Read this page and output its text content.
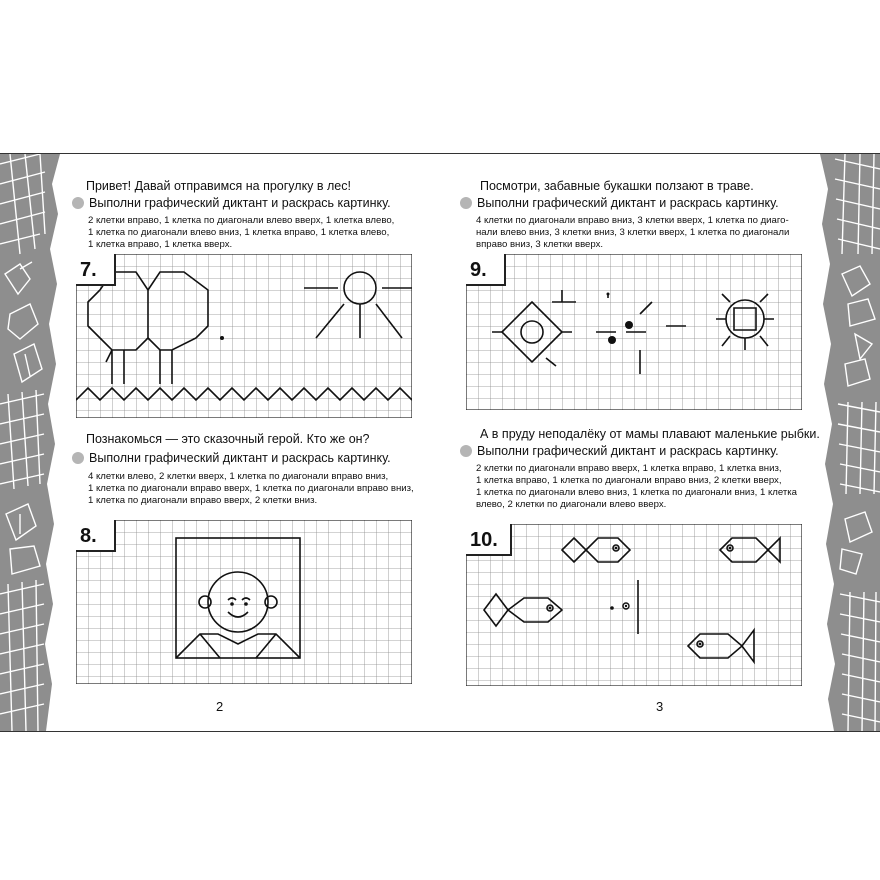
Привет! Давай отправимся на прогулку в лес!
Выполни графический диктант и раскрась картинку.
2 клетки вправо, 1 клетка по диагонали влево вверх, 1 клетка влево,
1 клетка по диагонали влево вниз, 1 клетка вправо, 1 клетка влево,
1 клетка вправо, 1 клетка вверх.
7.
Познакомься — это сказочный герой. Кто же он?
Выполни графический диктант и раскрась картинку.
4 клетки влево, 2 клетки вверх, 1 клетка по диагонали вправо вниз,
1 клетка по диагонали вправо вверх, 1 клетка по диагонали вправо вниз,
1 клетка по диагонали вправо вверх, 2 клетки вниз.
8.
2
Посмотри, забавные букашки ползают в траве.
Выполни графический диктант и раскрась картинку.
4 клетки по диагонали вправо вниз, 3 клетки вверх, 1 клетка по диаго-
нали влево вниз, 3 клетки вниз, 3 клетки вверх, 1 клетка по диагонали
вправо вниз, 3 клетки вверх.
9.
А в пруду неподалёку от мамы плавают маленькие рыбки.
Выполни графический диктант и раскрась картинку.
2 клетки по диагонали вправо вверх, 1 клетка вправо, 1 клетка вниз,
1 клетка вправо, 1 клетка по диагонали вправо вниз, 2 клетки вверх,
1 клетка по диагонали влево вниз, 1 клетка по диагонали вниз, 1 клетка
влево, 2 клетки по диагонали влево вверх.
10.
3
